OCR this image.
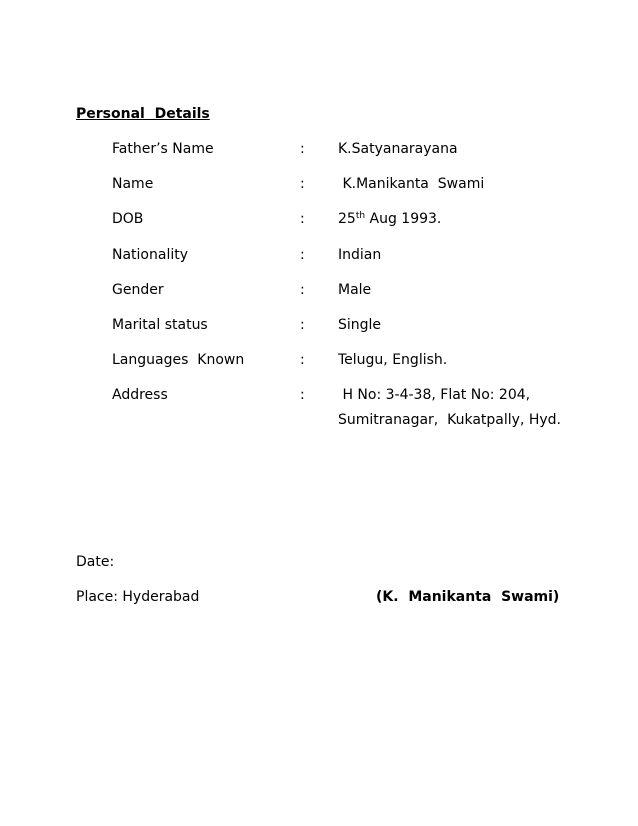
Personal  Details
Father’s Name	: K.Satyanarayana
Name	: K.Manikanta  Swami
DOB	: 25th Aug 1993.
Nationality	: Indian
Gender	: Male
Marital status	: Single
Languages  Known	: Telugu, English.
Address	: H No: 3-4-38, Flat No: 204,
Sumitranagar,  Kukatpally, Hyd.
Date:
Place: Hyderabad	(K.  Manikanta  Swami)
